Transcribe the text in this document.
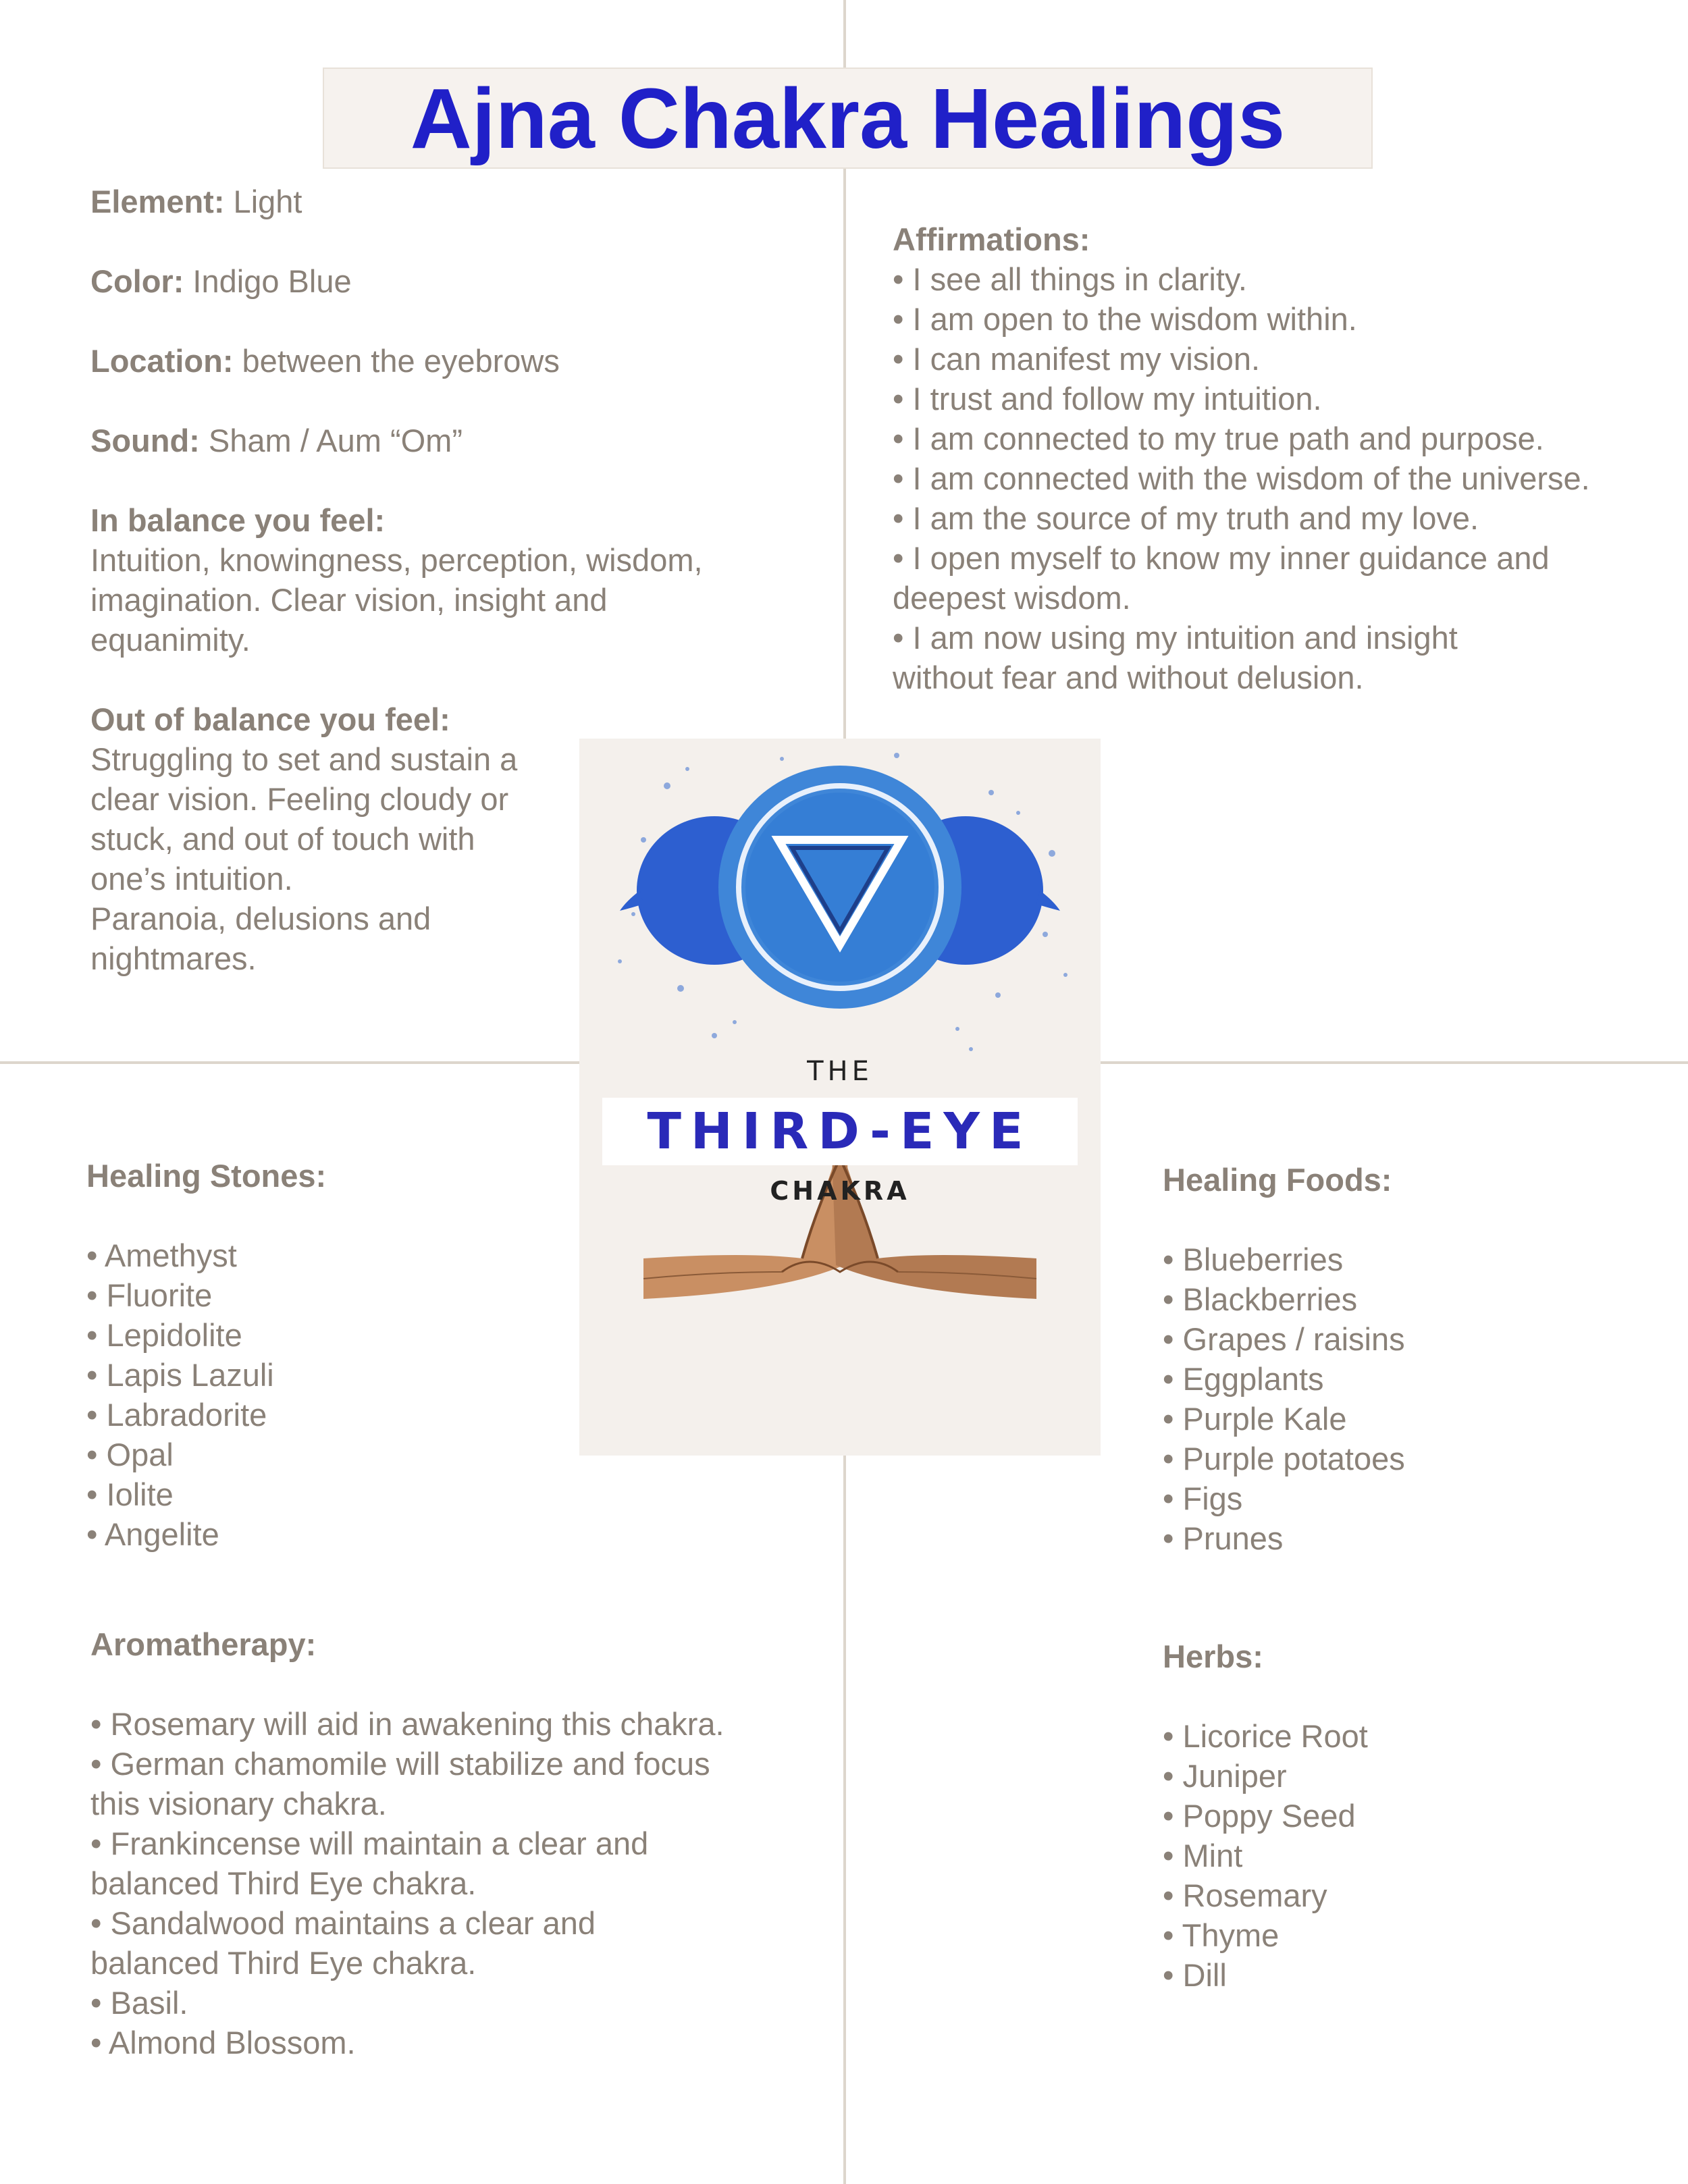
Ajna Chakra Healings

Element: Light

Color: Indigo Blue

Location: between the eyebrows

Sound: Sham / Aum “Om”

In balance you feel:

Intuition, knowingness, perception, wisdom,

imagination. Clear vision, insight and

equanimity.

Out of balance you feel:

Struggling to set and sustain a

clear vision. Feeling cloudy or

stuck, and out of touch with

one’s intuition.

Paranoia, delusions and

nightmares.

Affirmations:

• I see all things in clarity.

• I am open to the wisdom within.

• I can manifest my vision.

• I trust and follow my intuition.

• I am connected to my true path and purpose.

• I am connected with the wisdom of the universe.

• I am the source of my truth and my love.

• I open myself to know my inner guidance and

deepest wisdom.

• I am now using my intuition and insight

without fear and without delusion.

THE
THIRD-EYE
CHAKRA

Healing Stones:

• Amethyst

• Fluorite

• Lepidolite

• Lapis Lazuli

• Labradorite

• Opal

• Iolite

• Angelite

Healing Foods:

• Blueberries

• Blackberries

• Grapes / raisins

• Eggplants

• Purple Kale

• Purple potatoes

• Figs

• Prunes

Aromatherapy:

• Rosemary will aid in awakening this chakra.

• German chamomile will stabilize and focus

this visionary chakra.

• Frankincense will maintain a clear and

balanced Third Eye chakra.

• Sandalwood maintains a clear and

balanced Third Eye chakra.

• Basil.

• Almond Blossom.

Herbs:

• Licorice Root

• Juniper

• Poppy Seed

• Mint

• Rosemary

• Thyme

• Dill
